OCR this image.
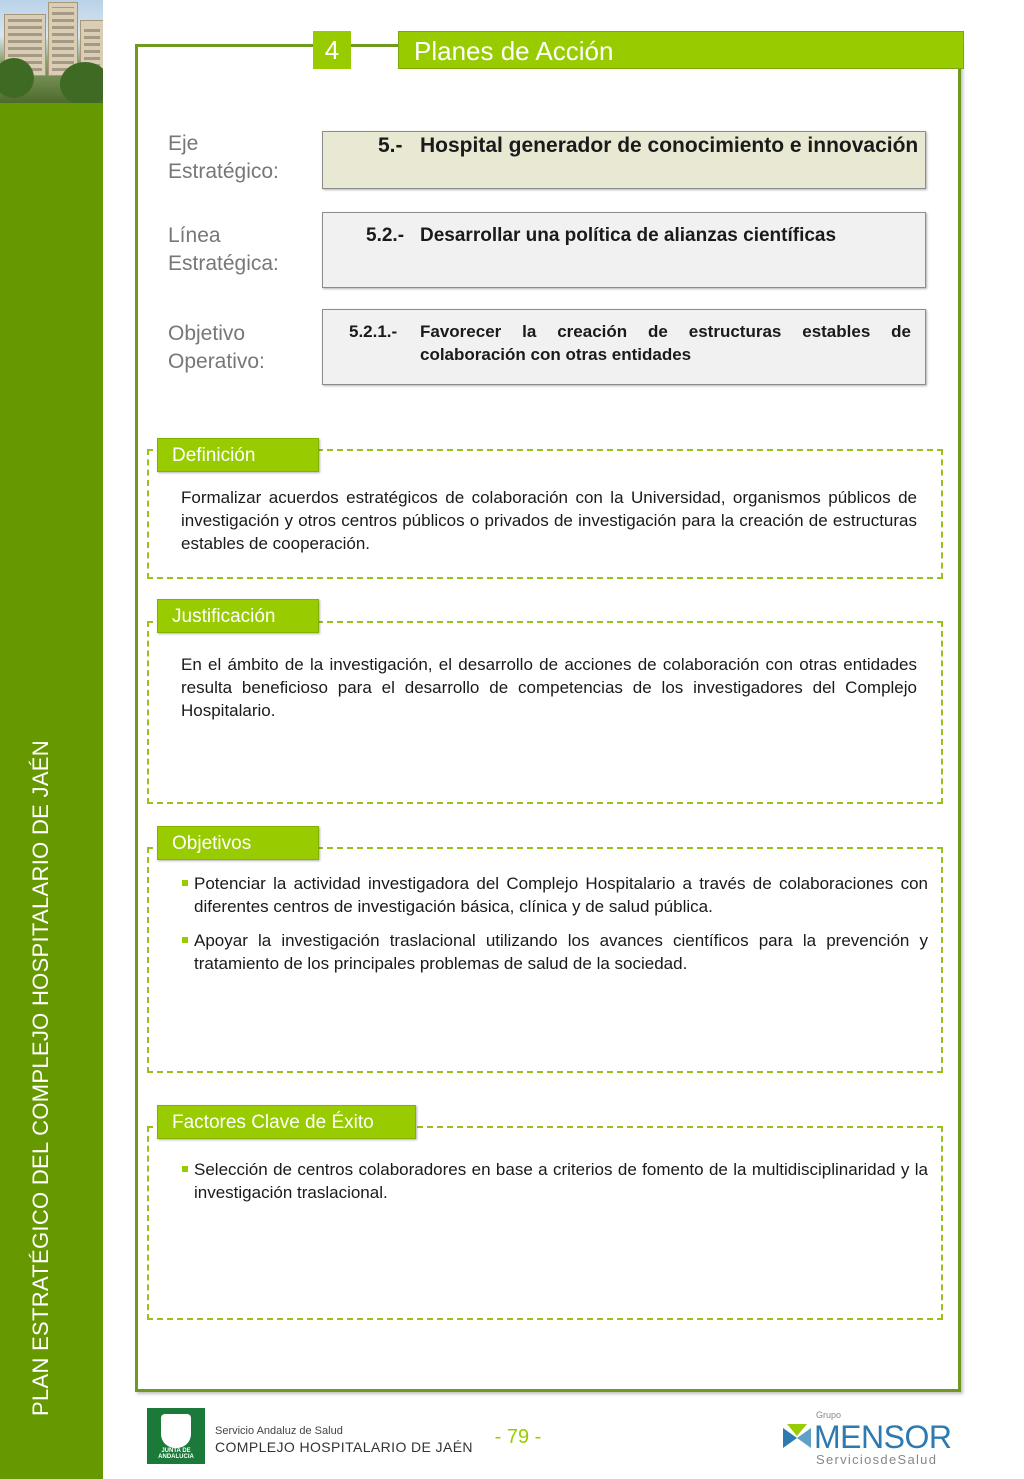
PLAN ESTRATÉGICO DEL COMPLEJO HOSPITALARIO DE JAÉN
4	Planes de Acción
Eje
Estratégico:
5.- Hospital generador de conocimiento e innovación
Línea
Estratégica:
5.2.- Desarrollar una política de alianzas científicas
Objetivo
Operativo:
5.2.1.-	Favorecer la creación de estructuras estables de colaboración con otras entidades
Definición

Formalizar acuerdos estratégicos de colaboración con la Universidad, organismos públicos de investigación y otros centros públicos o privados de investigación para la creación de estructuras estables de cooperación.

Justificación

En el ámbito de la investigación, el desarrollo de acciones de colaboración con otras entidades resulta beneficioso para el desarrollo de competencias de los investigadores del Complejo Hospitalario.

Objetivos
Potenciar la actividad investigadora del Complejo Hospitalario a través de colaboraciones con diferentes centros de investigación básica, clínica y de salud pública.
Apoyar la investigación traslacional utilizando los avances científicos para la prevención y tratamiento de los principales problemas de salud de la sociedad.
Factores Clave de Éxito
Selección de centros colaboradores en base a criterios de fomento de la multidisciplinaridad y la investigación traslacional.
JUNTA DE ANDALUCIA
Servicio Andaluz de Salud
COMPLEJO HOSPITALARIO DE JAÉN	- 79 -
Grupo
MENSOR
ServiciosdeSalud
